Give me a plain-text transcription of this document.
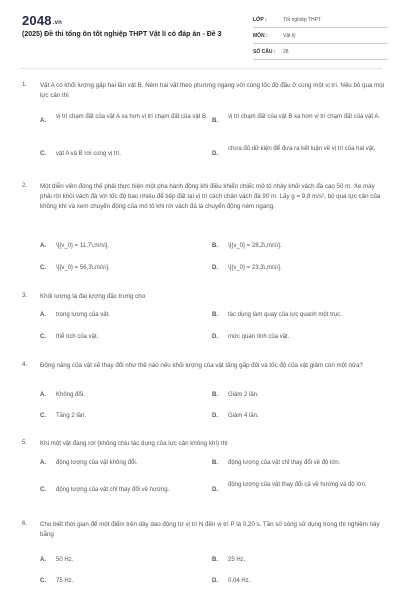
2048.vn
(2025) Đề thi tổng ôn tốt nghiệp THPT Vật lí có đáp án - Đề 3
LỚP :	Tốt nghiệp THPT
MÔN :	Vật lý
SỐ CÂU : 28
1. Vật A có khối lượng gấp hai lần vật B. Ném hai vật theo phương ngang với cùng tốc độ đầu ở cùng một vị trí. Nếu bỏ qua mọi lực cản thì
A.
vị trí chạm đất của vật A xa hơn vị trí chạm đất của vật B.
B.
vị trí chạm đất của vật B xa hơn vị trí chạm đất của vật A.
C. vật A và B rơi cùng vị trí.	D.
chưa đủ dữ kiện để đưa ra kết luận về vị trí của hai vật.
2. Một diễn viên đóng thế phải thực hiện một pha hành động khi điều khiển chiếc mô tô nhảy khỏi vách đá cao 50 m. Xe máy phải rời khỏi vách đá với tốc độ bao nhiêu để tiếp đất tại vị trí cách chân vách đá 90 m. Lấy g = 9,8 m/s², bỏ qua lực cản của không khí và xem chuyển động của mô tô khi rời vách đá là chuyển động ném ngang.
A. \[{v_0} = 11,7\,m/s\].	B. \[{v_0} = 28,2\,m/s\].
C. \[{v_0} = 56,3\,m/s\].	D. \[{v_0} = 23,3\,m/s\].
3. Khối lượng là đại lượng đặc trưng cho
A. trọng lượng của vật.	B. tác dụng làm quay của lực quanh một trục.
C. thể tích của vật.	D. mức quán tính của vật.
4. Động năng của vật sẽ thay đổi như thế nào nếu khối lượng của vật tăng gấp đôi và tốc độ của vật giảm còn một nửa?
A. Không đổi.	B. Giảm 2 lần.
C. Tăng 2 lần.	D. Giảm 4 lần.
5. Khi một vật đang rơi (không chịu tác dụng của lực cản không khí) thì
A. động lượng của vật không đổi.	B. động lượng của vật chỉ thay đổi về độ lớn.
C. động lượng của vật chỉ thay đổi về hướng.	D.
động lượng của vật thay đổi cả về hướng và độ lớn.
6. Cho biết thời gian để một điểm trên dây dao động từ vị trí N đến vị trí P là 0,20 s. Tần số sóng sử dụng trong thí nghiệm này bằng
A. 50 Hz.	B. 25 Hz.
C. 75 Hz.	D. 0,04 Hz.
